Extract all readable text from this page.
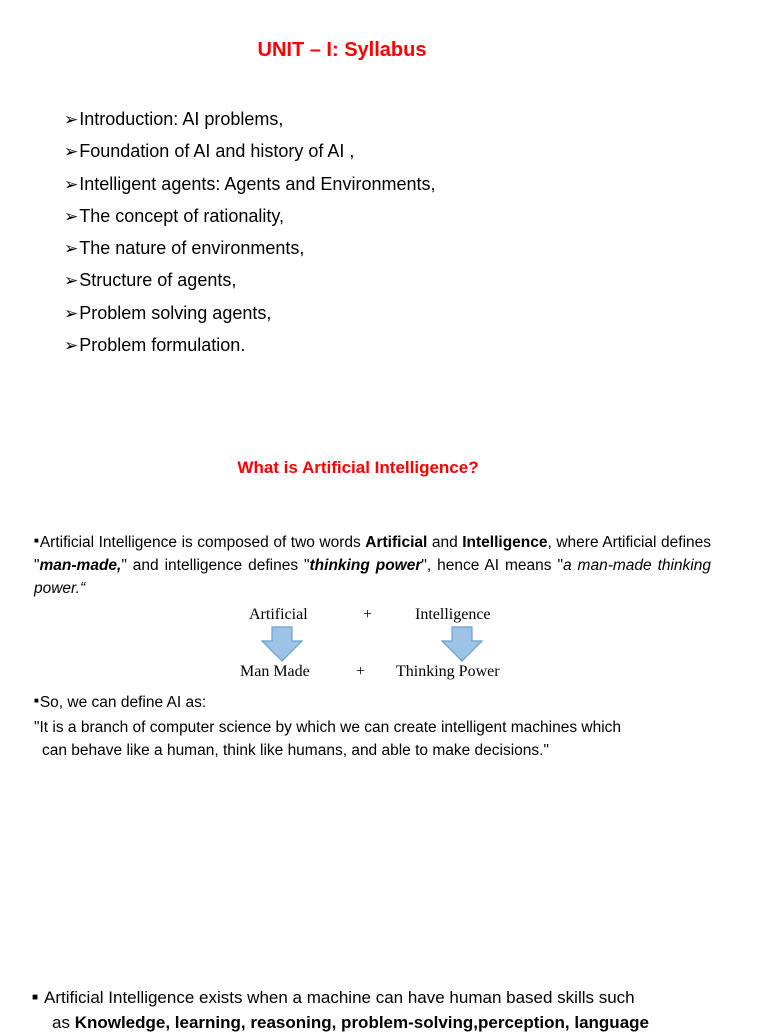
UNIT – I: Syllabus
➢Introduction: AI problems,
➢Foundation of AI and history of AI ,
➢Intelligent agents: Agents and Environments,
➢The concept of rationality,
➢The nature of environments,
➢Structure of agents,
➢Problem solving agents,
➢Problem formulation.
What is Artificial Intelligence?
■Artificial Intelligence is composed of two words Artificial and Intelligence, where Artificial defines "man-made," and intelligence defines "thinking power", hence AI means "a man-made thinking power.“
Artificial	+	Intelligence
Man Made	+ Thinking Power
■So, we can define AI as:
"It is a branch of computer science by which we can create intelligent machines which
can behave like a human, think like humans, and able to make decisions."
■ Artificial Intelligence exists when a machine can have human based skills such
as Knowledge, learning, reasoning, problem-solving,perception, language
